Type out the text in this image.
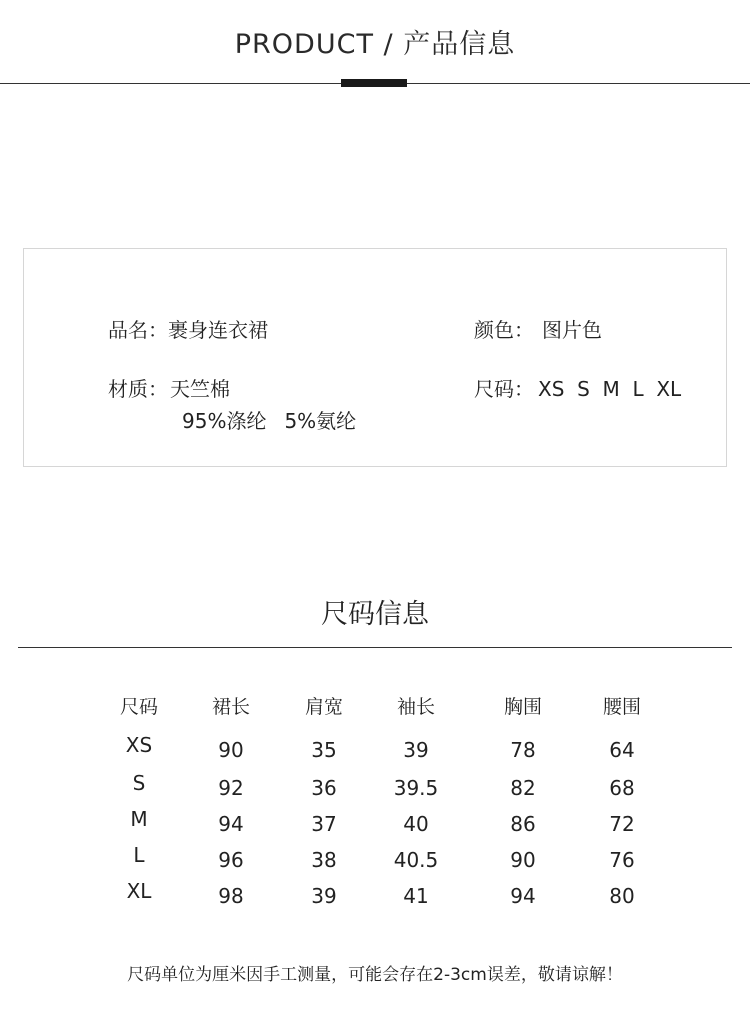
PRODUCT / 产品信息
品名：裹身连衣裙	颜色： 图片色
材质： 天竺棉
95%涤纶 5%氨纶
尺码： XS  S  M  L  XL
尺码信息
尺码	裙长	肩宽	袖长	胸围	腰围
XS	90	35	39	78	64
S	92	36	39.5	82	68
M	94	37	40	86	72
L	96	38	40.5	90	76
XL	98	39	41	94	80
尺码单位为厘米因手工测量，可能会存在2-3cm误差，敬请谅解！
